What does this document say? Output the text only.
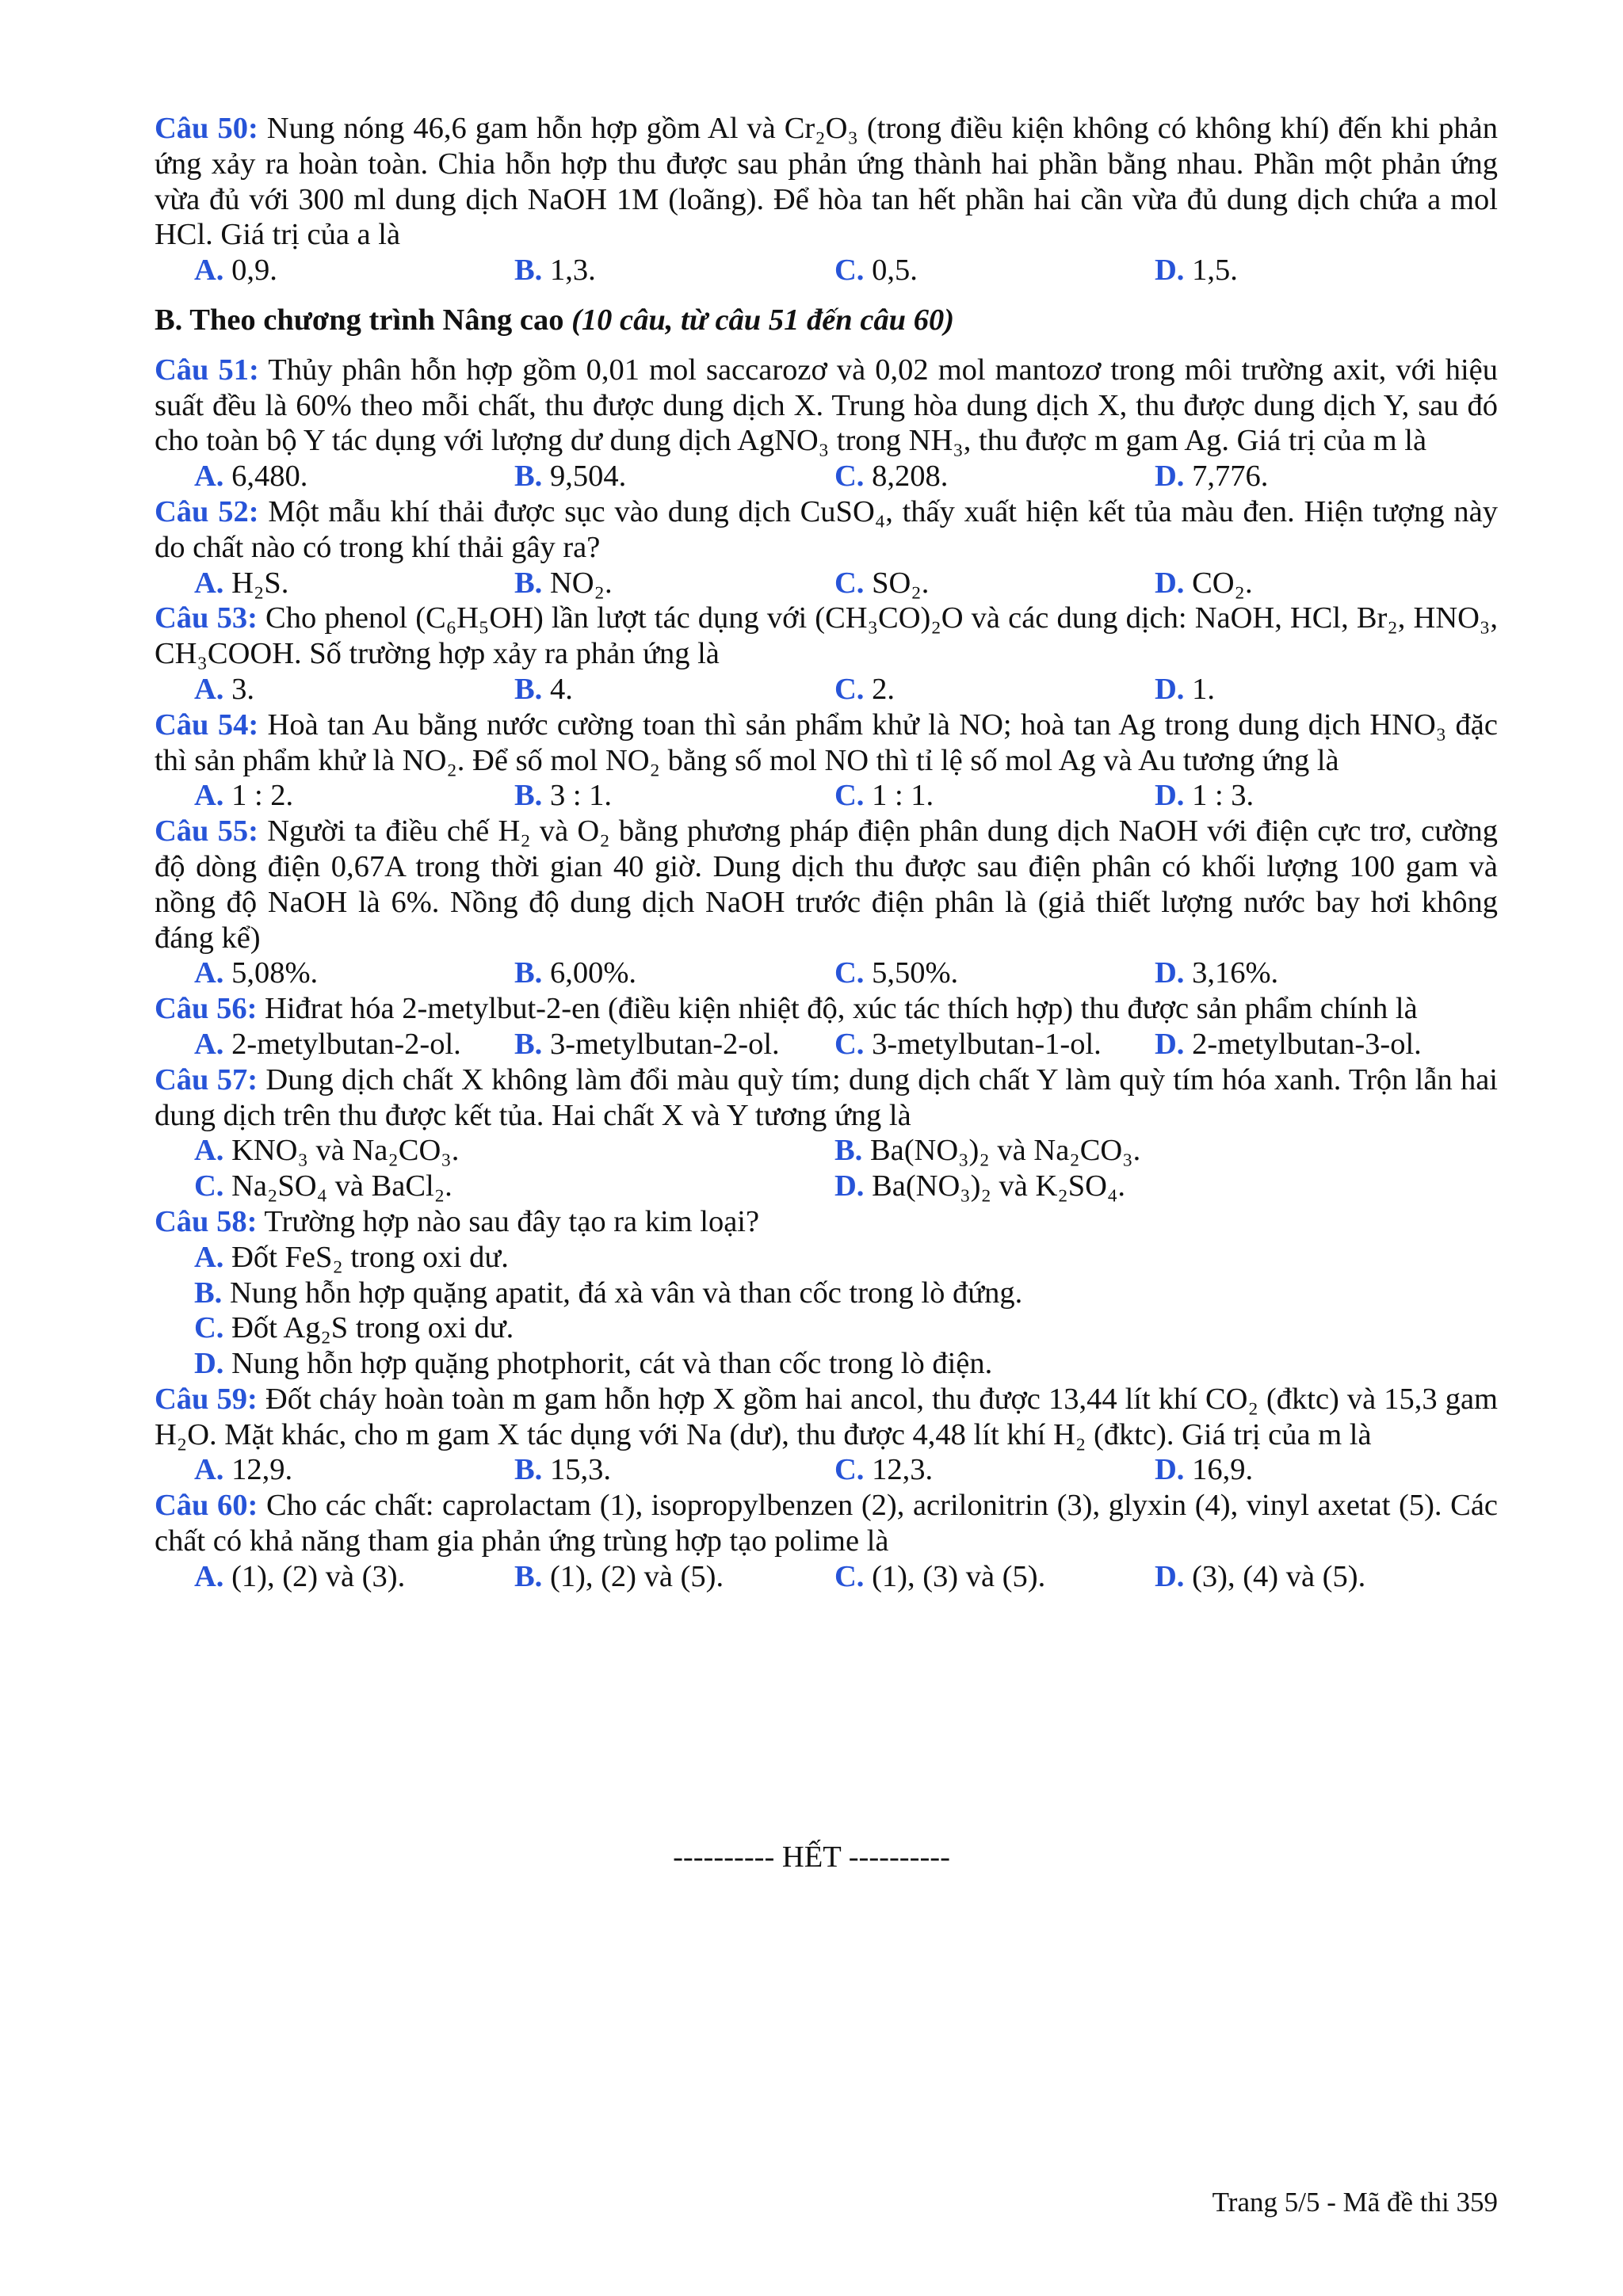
Câu 50: Nung nóng 46,6 gam hỗn hợp gồm Al và Cr₂O₃ (trong điều kiện không có không khí) đến khi phản ứng xảy ra hoàn toàn. Chia hỗn hợp thu được sau phản ứng thành hai phần bằng nhau. Phần một phản ứng vừa đủ với 300 ml dung dịch NaOH 1M (loãng). Để hòa tan hết phần hai cần vừa đủ dung dịch chứa a mol HCl. Giá trị của a là
A. 0,9.	B. 1,3.	C. 0,5.	D. 1,5.
B. Theo chương trình Nâng cao (10 câu, từ câu 51 đến câu 60)
Câu 51: Thủy phân hỗn hợp gồm 0,01 mol saccarozơ và 0,02 mol mantozơ trong môi trường axit, với hiệu suất đều là 60% theo mỗi chất, thu được dung dịch X. Trung hòa dung dịch X, thu được dung dịch Y, sau đó cho toàn bộ Y tác dụng với lượng dư dung dịch AgNO₃ trong NH₃, thu được m gam Ag. Giá trị của m là
A. 6,480.	B. 9,504.	C. 8,208.	D. 7,776.
Câu 52: Một mẫu khí thải được sục vào dung dịch CuSO₄, thấy xuất hiện kết tủa màu đen. Hiện tượng này do chất nào có trong khí thải gây ra?
A. H₂S.	B. NO₂.	C. SO₂.	D. CO₂.
Câu 53: Cho phenol (C₆H₅OH) lần lượt tác dụng với (CH₃CO)₂O và các dung dịch: NaOH, HCl, Br₂, HNO₃, CH₃COOH. Số trường hợp xảy ra phản ứng là
A. 3.	B. 4.	C. 2.	D. 1.
Câu 54: Hoà tan Au bằng nước cường toan thì sản phẩm khử là NO; hoà tan Ag trong dung dịch HNO₃ đặc thì sản phẩm khử là NO₂. Để số mol NO₂ bằng số mol NO thì tỉ lệ số mol Ag và Au tương ứng là
A. 1 : 2.	B. 3 : 1.	C. 1 : 1.	D. 1 : 3.
Câu 55: Người ta điều chế H₂ và O₂ bằng phương pháp điện phân dung dịch NaOH với điện cực trơ, cường độ dòng điện 0,67A trong thời gian 40 giờ. Dung dịch thu được sau điện phân có khối lượng 100 gam và nồng độ NaOH là 6%. Nồng độ dung dịch NaOH trước điện phân là (giả thiết lượng nước bay hơi không đáng kể)
A. 5,08%.	B. 6,00%.	C. 5,50%.	D. 3,16%.
Câu 56: Hiđrat hóa 2-metylbut-2-en (điều kiện nhiệt độ, xúc tác thích hợp) thu được sản phẩm chính là
A. 2-metylbutan-2-ol.	B. 3-metylbutan-2-ol.	C. 3-metylbutan-1-ol.	D. 2-metylbutan-3-ol.
Câu 57: Dung dịch chất X không làm đổi màu quỳ tím; dung dịch chất Y làm quỳ tím hóa xanh. Trộn lẫn hai dung dịch trên thu được kết tủa. Hai chất X và Y tương ứng là
A. KNO₃ và Na₂CO₃.	B. Ba(NO₃)₂ và Na₂CO₃.
C. Na₂SO₄ và BaCl₂.	D. Ba(NO₃)₂ và K₂SO₄.
Câu 58: Trường hợp nào sau đây tạo ra kim loại?
A. Đốt FeS₂ trong oxi dư.
B. Nung hỗn hợp quặng apatit, đá xà vân và than cốc trong lò đứng.
C. Đốt Ag₂S trong oxi dư.
D. Nung hỗn hợp quặng photphorit, cát và than cốc trong lò điện.
Câu 59: Đốt cháy hoàn toàn m gam hỗn hợp X gồm hai ancol, thu được 13,44 lít khí CO₂ (đktc) và 15,3 gam H₂O. Mặt khác, cho m gam X tác dụng với Na (dư), thu được 4,48 lít khí H₂ (đktc). Giá trị của m là
A. 12,9.	B. 15,3.	C. 12,3.	D. 16,9.
Câu 60: Cho các chất: caprolactam (1), isopropylbenzen (2), acrilonitrin (3), glyxin (4), vinyl axetat (5). Các chất có khả năng tham gia phản ứng trùng hợp tạo polime là
A. (1), (2) và (3).	B. (1), (2) và (5).	C. (1), (3) và (5).	D. (3), (4) và (5).
---------- HẾT ----------
Trang 5/5 - Mã đề thi 359
